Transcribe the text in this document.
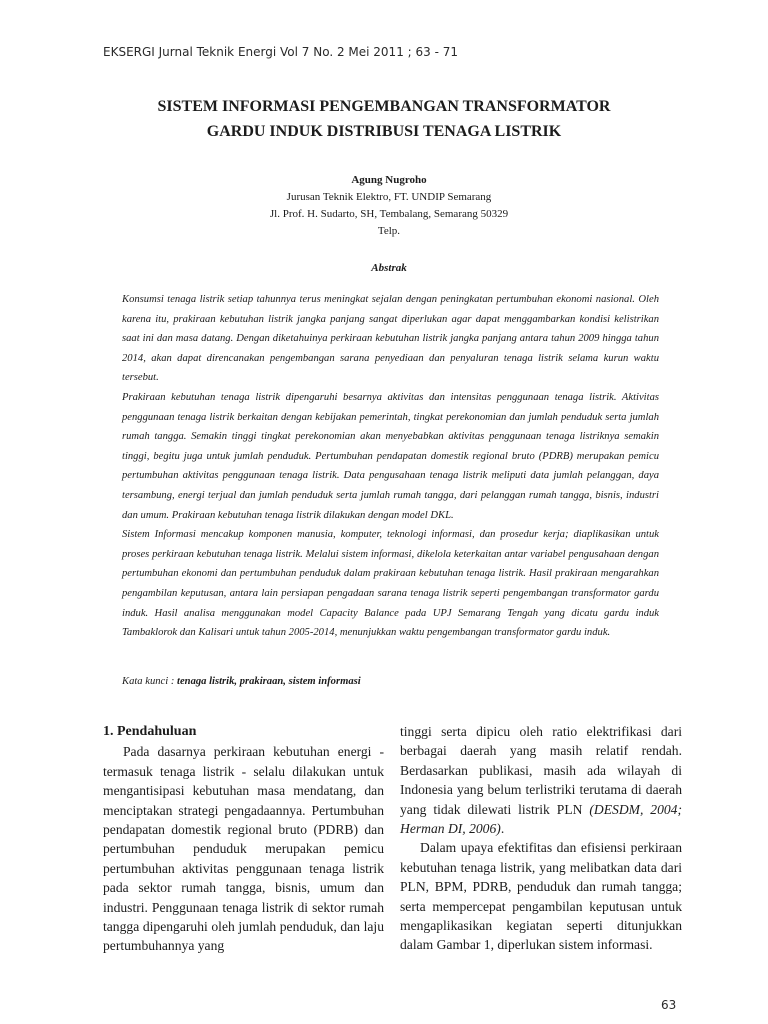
EKSERGI Jurnal Teknik Energi Vol 7 No. 2 Mei 2011 ; 63 - 71
SISTEM INFORMASI PENGEMBANGAN TRANSFORMATOR
GARDU INDUK DISTRIBUSI TENAGA LISTRIK
Agung Nugroho
Jurusan Teknik Elektro, FT. UNDIP Semarang
Jl. Prof. H. Sudarto, SH, Tembalang, Semarang 50329
Telp.
Abstrak

Konsumsi tenaga listrik setiap tahunnya terus meningkat sejalan dengan peningkatan pertumbuhan ekonomi nasional. Oleh karena itu, prakiraan kebutuhan listrik jangka panjang sangat diperlukan agar dapat menggambarkan kondisi kelistrikan saat ini dan masa datang. Dengan diketahuinya perkiraan kebutuhan listrik jangka panjang antara tahun 2009 hingga tahun 2014, akan dapat direncanakan pengembangan sarana penyediaan dan penyaluran tenaga listrik selama kurun waktu tersebut.

Prakiraan kebutuhan tenaga listrik dipengaruhi besarnya aktivitas dan intensitas penggunaan tenaga listrik. Aktivitas penggunaan tenaga listrik berkaitan dengan kebijakan pemerintah, tingkat perekonomian dan jumlah penduduk serta jumlah rumah tangga. Semakin tinggi tingkat perekonomian akan menyebabkan aktivitas penggunaan tenaga listriknya semakin tinggi, begitu juga untuk jumlah penduduk. Pertumbuhan pendapatan domestik regional bruto (PDRB) merupakan pemicu pertumbuhan aktivitas penggunaan tenaga listrik. Data pengusahaan tenaga listrik meliputi data jumlah pelanggan, daya tersambung, energi terjual dan jumlah penduduk serta jumlah rumah tangga, dari pelanggan rumah tangga, bisnis, industri dan umum. Prakiraan kebutuhan tenaga listrik dilakukan dengan model DKL.

Sistem Informasi mencakup komponen manusia, komputer, teknologi informasi, dan prosedur kerja; diaplikasikan untuk proses perkiraan kebutuhan tenaga listrik. Melalui sistem informasi, dikelola keterkaitan antar variabel pengusahaan dengan pertumbuhan ekonomi dan pertumbuhan penduduk dalam prakiraan kebutuhan tenaga listrik. Hasil prakiraan mengarahkan pengambilan keputusan, antara lain persiapan pengadaan sarana tenaga listrik seperti pengembangan transformator gardu induk. Hasil analisa menggunakan model Capacity Balance pada UPJ Semarang Tengah yang dicatu gardu induk Tambaklorok dan Kalisari untuk tahun 2005-2014, menunjukkan waktu pengembangan transformator gardu induk.

Kata kunci : tenaga listrik, prakiraan, sistem informasi
1. Pendahuluan

Pada dasarnya perkiraan kebutuhan energi - termasuk tenaga listrik - selalu dilakukan untuk mengantisipasi kebutuhan masa mendatang, dan menciptakan strategi pengadaannya. Pertumbuhan pendapatan domestik regional bruto (PDRB) dan pertumbuhan penduduk merupakan pemicu pertumbuhan aktivitas penggunaan tenaga listrik pada sektor rumah tangga, bisnis, umum dan industri. Penggunaan tenaga listrik di sektor rumah tangga dipengaruhi oleh jumlah penduduk, dan laju pertumbuhannya yang

tinggi serta dipicu oleh ratio elektrifikasi dari berbagai daerah yang masih relatif rendah. Berdasarkan publikasi, masih ada wilayah di Indonesia yang belum terlistriki terutama di daerah yang tidak dilewati listrik PLN (DESDM, 2004; Herman DI, 2006).

Dalam upaya efektifitas dan efisiensi perkiraan kebutuhan tenaga listrik, yang melibatkan data dari PLN, BPM, PDRB, penduduk dan rumah tangga; serta mempercepat pengambilan keputusan untuk mengaplikasikan kegiatan seperti ditunjukkan dalam Gambar 1, diperlukan sistem informasi.

63
